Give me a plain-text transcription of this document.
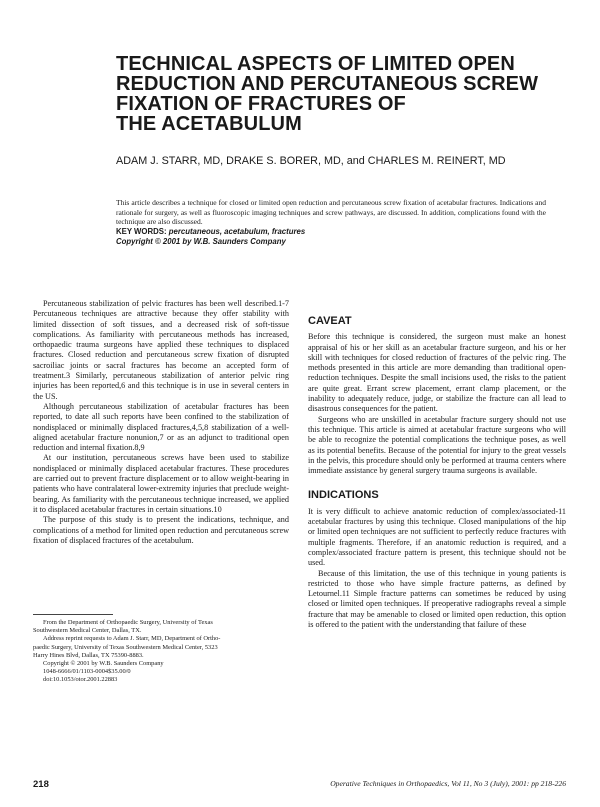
TECHNICAL ASPECTS OF LIMITED OPEN
REDUCTION AND PERCUTANEOUS SCREW
FIXATION OF FRACTURES OF
THE ACETABULUM
ADAM J. STARR, MD, DRAKE S. BORER, MD, and CHARLES M. REINERT, MD

This article describes a technique for closed or limited open reduction and percutaneous screw fixation of acetabular fractures. Indications and rationale for surgery, as well as fluoroscopic imaging techniques and screw pathways, are discussed. In addition, complications found with the technique are also discussed.

KEY WORDS: percutaneous, acetabulum, fractures
Copyright © 2001 by W.B. Saunders Company

Percutaneous stabilization of pelvic fractures has been well described.1-7 Percutaneous techniques are attractive because they offer stability with limited dissection of soft tissues, and a decreased risk of soft-tissue complications. As familiarity with percutaneous methods has increased, orthopaedic trauma surgeons have applied these techniques to displaced fractures. Closed reduction and percutaneous screw fixation of disrupted sacroiliac joints or sacral fractures has become an accepted form of treatment.3 Similarly, percutaneous stabilization of anterior pelvic ring injuries has been reported,6 and this technique is in use in several centers in the US.

Although percutaneous stabilization of acetabular fractures has been reported, to date all such reports have been confined to the stabilization of nondisplaced or minimally displaced fractures,4,5,8 stabilization of a well-aligned acetabular fracture nonunion,7 or as an adjunct to traditional open reduction and internal fixation.8,9

At our institution, percutaneous screws have been used to stabilize nondisplaced or minimally displaced acetabular fractures. These procedures are carried out to prevent fracture displacement or to allow weight-bearing in patients who have contralateral lower-extremity injuries that preclude weight-bearing. As familiarity with the percutaneous technique increased, we applied it to displaced acetabular fractures in certain situations.10

The purpose of this study is to present the indications, technique, and complications of a method for limited open reduction and percutaneous screw fixation of displaced fractures of the acetabulum.

From the Department of Orthopaedic Surgery, University of Texas
Southwestern Medical Center, Dallas, TX.
Address reprint requests to Adam J. Starr, MD, Department of Ortho-
paedic Surgery, University of Texas Southwestern Medical Center, 5323
Harry Hines Blvd, Dallas, TX 75390-8883.
Copyright © 2001 by W.B. Saunders Company
1048-6666/01/1103-0004$35.00/0
doi:10.1053/otor.2001.22883
CAVEAT

Before this technique is considered, the surgeon must make an honest appraisal of his or her skill as an acetabular fracture surgeon, and his or her skill with techniques for closed reduction of fractures of the pelvic ring. The methods presented in this article are more demanding than traditional open-reduction techniques. Despite the small incisions used, the risks to the patient are quite great. Errant screw placement, errant clamp placement, or the inability to adequately reduce, judge, or stabilize the fracture can all lead to disastrous consequences for the patient.

Surgeons who are unskilled in acetabular fracture surgery should not use this technique. This article is aimed at acetabular fracture surgeons who will be able to recognize the potential complications the technique poses, as well as its potential benefits. Because of the potential for injury to the great vessels in the pelvis, this procedure should only be performed at trauma centers where immediate assistance by general surgery trauma surgeons is available.

INDICATIONS

It is very difficult to achieve anatomic reduction of complex/associated-11 acetabular fractures by using this technique. Closed manipulations of the hip or limited open techniques are not sufficient to perfectly reduce fractures with multiple fragments. Therefore, if an anatomic reduction is required, and a complex/associated fracture pattern is present, this technique should not be used.

Because of this limitation, the use of this technique in young patients is restricted to those who have simple fracture patterns, as defined by Letournel.11 Simple fracture patterns can sometimes be reduced by using closed or limited open techniques. If preoperative radiographs reveal a simple fracture that may be amenable to closed or limited open reduction, this option is offered to the patient with the understanding that failure of these

218	Operative Techniques in Orthopaedics, Vol 11, No 3 (July), 2001: pp 218-226
